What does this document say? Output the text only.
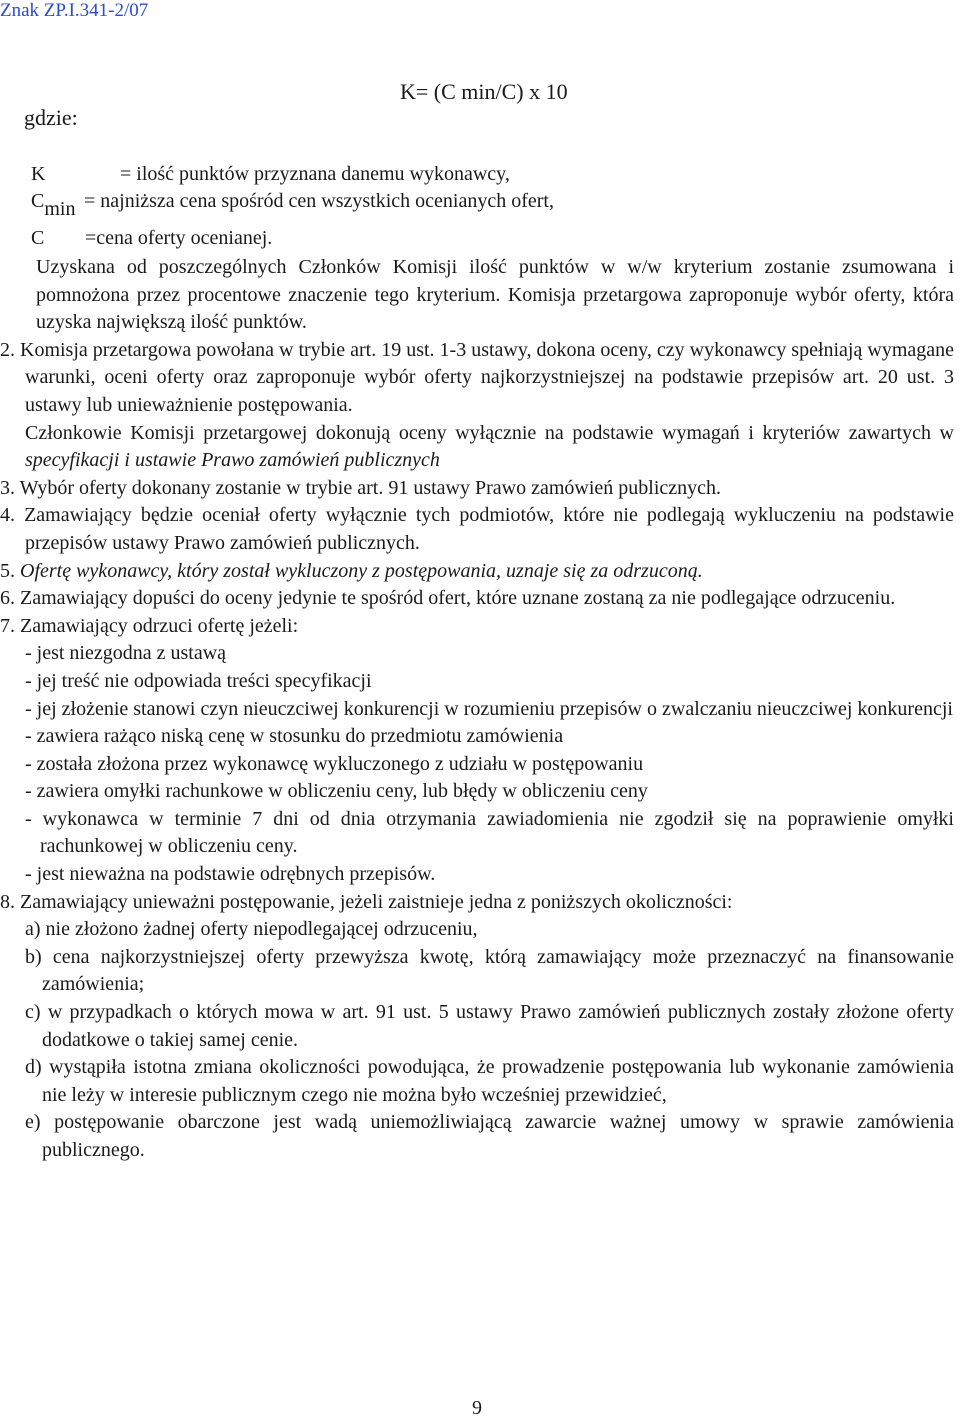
Znak ZP.I.341-2/07
K= (C min/C) x 10
gdzie:
K	= ilość punktów przyznana danemu wykonawcy,
Cmin = najniższa cena spośród cen wszystkich ocenianych ofert,
C =cena oferty ocenianej.

Uzyskana od poszczególnych Członków Komisji ilość punktów w w/w kryterium zostanie zsumowana i pomnożona przez procentowe znaczenie tego kryterium. Komisja przetargowa zaproponuje wybór oferty, która uzyska największą ilość punktów.

2. Komisja przetargowa powołana w trybie art. 19 ust. 1-3 ustawy, dokona oceny, czy wykonawcy spełniają wymagane warunki, oceni oferty oraz zaproponuje wybór oferty najkorzystniejszej na podstawie przepisów art. 20 ust. 3 ustawy lub unieważnienie postępowania.

Członkowie Komisji przetargowej dokonują oceny wyłącznie na podstawie wymagań i kryteriów zawartych w specyfikacji i ustawie Prawo zamówień publicznych

3. Wybór oferty dokonany zostanie w trybie art. 91 ustawy Prawo zamówień publicznych.

4. Zamawiający będzie oceniał oferty wyłącznie tych podmiotów, które nie podlegają wykluczeniu na podstawie przepisów ustawy Prawo zamówień publicznych.

5. Ofertę wykonawcy, który został wykluczony z postępowania, uznaje się za odrzuconą.

6. Zamawiający dopuści do oceny jedynie te spośród ofert, które uznane zostaną za nie podlegające odrzuceniu.

7. Zamawiający odrzuci ofertę jeżeli:

- jest niezgodna z ustawą

- jej treść nie odpowiada treści specyfikacji

- jej złożenie stanowi czyn nieuczciwej konkurencji w rozumieniu przepisów o zwalczaniu nieuczciwej konkurencji

- zawiera rażąco niską cenę w stosunku do przedmiotu zamówienia

- została złożona przez wykonawcę wykluczonego z udziału w postępowaniu

- zawiera omyłki rachunkowe w obliczeniu ceny, lub błędy w obliczeniu ceny

- wykonawca w terminie 7 dni od dnia otrzymania zawiadomienia nie zgodził się na poprawienie omyłki rachunkowej w obliczeniu ceny.

- jest nieważna na podstawie odrębnych przepisów.

8. Zamawiający unieważni postępowanie, jeżeli zaistnieje jedna z poniższych okoliczności:

a) nie złożono żadnej oferty niepodlegającej odrzuceniu,

b) cena najkorzystniejszej oferty przewyższa kwotę, którą zamawiający może przeznaczyć na finansowanie zamówienia;

c) w przypadkach o których mowa w art. 91 ust. 5 ustawy Prawo zamówień publicznych zostały złożone oferty dodatkowe o takiej samej cenie.

d) wystąpiła istotna zmiana okoliczności powodująca, że prowadzenie postępowania lub wykonanie zamówienia nie leży w interesie publicznym czego nie można było wcześniej przewidzieć,

e) postępowanie obarczone jest wadą uniemożliwiającą zawarcie ważnej umowy w sprawie zamówienia publicznego.

9
